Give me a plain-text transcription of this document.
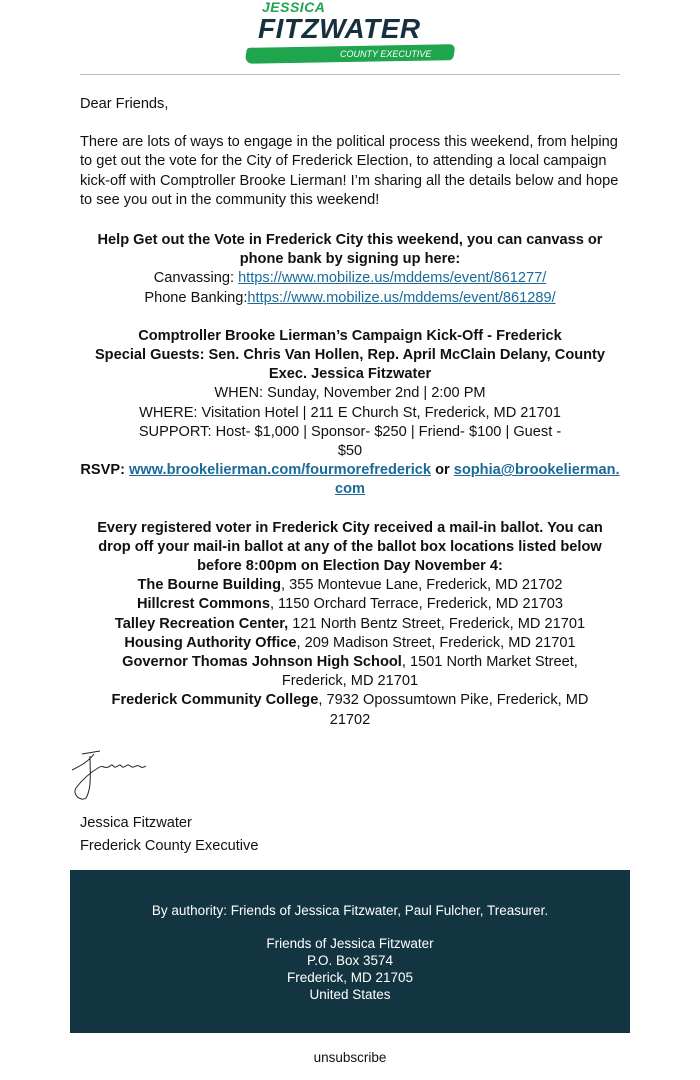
JESSICA
FITZWATER
COUNTY EXECUTIVE

Dear Friends,

There are lots of ways to engage in the political process this weekend, from helping to get out the vote for the City of Frederick Election, to attending a local campaign kick-off with Comptroller Brooke Lierman! I’m sharing all the details below and hope to see you out in the community this weekend!

Help Get out the Vote in Frederick City this weekend, you can canvass or phone bank by signing up here:
Canvassing: https://www.mobilize.us/mddems/event/861277/
Phone Banking:https://www.mobilize.us/mddems/event/861289/
Comptroller Brooke Lierman’s Campaign Kick-Off - Frederick
Special Guests: Sen. Chris Van Hollen, Rep. April McClain Delany, County Exec. Jessica Fitzwater
WHEN: Sunday, November 2nd | 2:00 PM
WHERE: Visitation Hotel | 211 E Church St, Frederick, MD 21701
SUPPORT: Host- $1,000 | Sponsor- $250 | Friend- $100 | Guest - $50
RSVP: www.brookelierman.com/fourmorefrederick or sophia@brookelierman.com
Every registered voter in Frederick City received a mail-in ballot. You can drop off your mail-in ballot at any of the ballot box locations listed below before 8:00pm on Election Day November 4:
The Bourne Building, 355 Montevue Lane, Frederick, MD 21702
Hillcrest Commons, 1150 Orchard Terrace, Frederick, MD 21703
Talley Recreation Center, 121 North Bentz Street, Frederick, MD 21701
Housing Authority Office, 209 Madison Street, Frederick, MD 21701
Governor Thomas Johnson High School, 1501 North Market Street, Frederick, MD 21701
Frederick Community College, 7932 Opossumtown Pike, Frederick, MD 21702
Jessica Fitzwater
Frederick County Executive
By authority: Friends of Jessica Fitzwater, Paul Fulcher, Treasurer.
Friends of Jessica Fitzwater
P.O. Box 3574
Frederick, MD 21705
United States
unsubscribe
